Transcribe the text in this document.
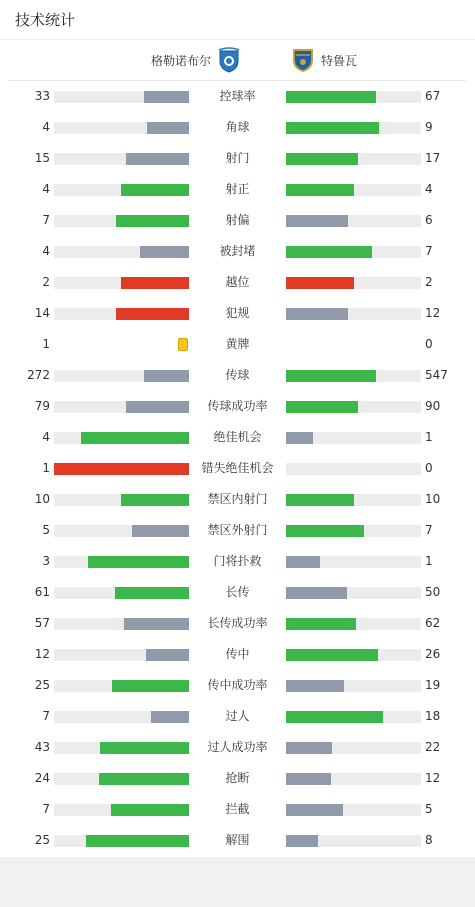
技术统计
格勒诺布尔	特鲁瓦
33	控球率	67
4	角球	9
15	射门	17
4	射正	4
7	射偏	6
4	被封堵	7
2	越位	2
14	犯规	12
1	黄牌	0
272	传球	547
79	传球成功率	90
4	绝佳机会	1
1	错失绝佳机会	0
10	禁区内射门	10
5	禁区外射门	7
3	门将扑救	1
61	长传	50
57	长传成功率	62
12	传中	26
25	传中成功率	19
7	过人	18
43	过人成功率	22
24	抢断	12
7	拦截	5
25	解围	8
